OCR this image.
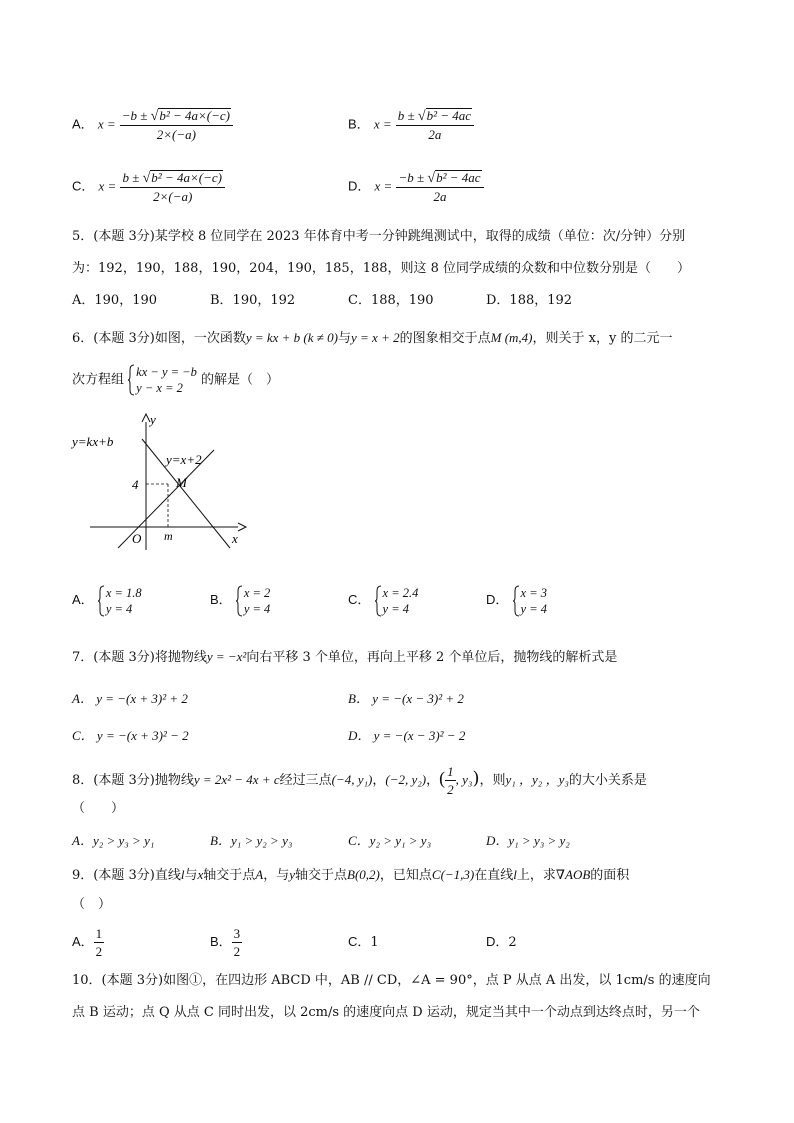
A． $x = \frac{\text{−b ± √b² − 4a×(−c)}}{2\times(-a)}$	B． $x = \frac{\text{b ± √b² − 4ac}}{2a}$
C． $x = \frac{\text{b ± √b² − 4a×(−c)}}{2\times(-a)}$	D． $x = \frac{\text{−b ± √b² − 4ac}}{2a}$
5．(本题 3分)某学校 8 位同学在 2023 年体育中考一分钟跳绳测试中，取得的成绩（单位：次/分钟）分别
为：192，190，188，190，204，190，185，188，则这 8 位同学成绩的众数和中位数分别是（　　）
A．190，190	B．190，192	C．188，190	D．188，192
6．(本题 3分)如图，一次函数y = kx + b (k ≠ 0)与y = x + 2的图象相交于点M (m,4)，则关于 x，y 的二元一
次方程组
kx − y = −b
y − x = 2
的解是（　）
y
x
O m
M
4
y=kx+b
y=x+2
A． x = 1.8
y = 4
B． x = 2
y = 4
C． x = 2.4
y = 4
D． x = 3
y = 4
7．(本题 3分)将抛物线y = −x²向右平移 3 个单位，再向上平移 2 个单位后，抛物线的解析式是
A． y = −(x + 3)² + 2	B． y = −(x − 3)² + 2
C． y = −(x + 3)² − 2	D． y = −(x − 3)² − 2
8．(本题 3分)抛物线y = 2x² − 4x + c经过三点(−4, y₁)，(−2, y₂)，( $\frac{1}{2}$ , y₃)，则y₁ ，y₂ ，y₃的大小关系是
（　　）
A．y₂ > y₃ > y₁	B．y₁ > y₂ > y₃	C．y₂ > y₁ > y₃	D．y₁ > y₃ > y₂
9．(本题 3分)直线l与x轴交于点A，与y轴交于点B(0,2)，已知点C(−1,3)在直线l上，求∇AOB的面积
（　）
A． $\frac{1}{2}$	B． $\frac{3}{2}$	C．1	D．2
10．(本题 3分)如图①，在四边形 ABCD 中，AB // CD，∠A = 90°，点 P 从点 A 出发，以 1cm/s 的速度向
点 B 运动；点 Q 从点 C 同时出发，以 2cm/s 的速度向点 D 运动，规定当其中一个动点到达终点时，另一个
